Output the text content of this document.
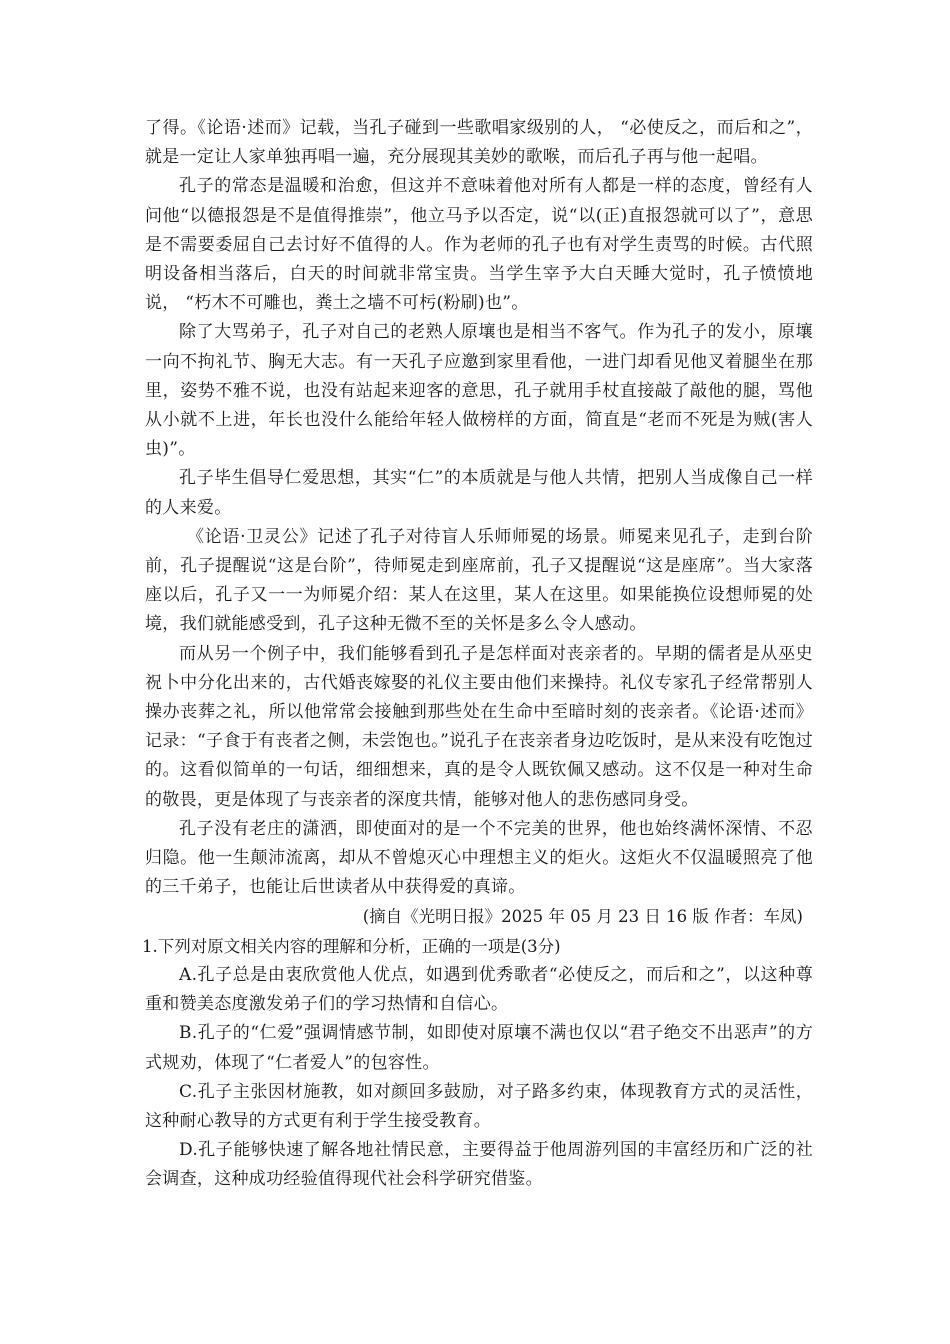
了得。《论语·述而》记载，当孔子碰到一些歌唱家级别的人， “必使反之，而后和之”，就是一定让人家单独再唱一遍，充分展现其美妙的歌喉，而后孔子再与他一起唱。

孔子的常态是温暖和治愈，但这并不意味着他对所有人都是一样的态度，曾经有人问他“以德报怨是不是值得推崇”，他立马予以否定，说“以(正)直报怨就可以了”，意思是不需要委屈自己去讨好不值得的人。作为老师的孔子也有对学生责骂的时候。古代照明设备相当落后，白天的时间就非常宝贵。当学生宰予大白天睡大觉时，孔子愤愤地说， “朽木不可雕也，粪土之墙不可杇(粉刷)也”。

除了大骂弟子，孔子对自己的老熟人原壤也是相当不客气。作为孔子的发小，原壤一向不拘礼节、胸无大志。有一天孔子应邀到家里看他，一进门却看见他叉着腿坐在那里，姿势不雅不说，也没有站起来迎客的意思，孔子就用手杖直接敲了敲他的腿，骂他从小就不上进，年长也没什么能给年轻人做榜样的方面，简直是“老而不死是为贼(害人虫)”。

孔子毕生倡导仁爱思想，其实“仁”的本质就是与他人共情，把别人当成像自己一样的人来爱。

《论语·卫灵公》记述了孔子对待盲人乐师师冕的场景。师冕来见孔子，走到台阶前，孔子提醒说“这是台阶”，待师冕走到座席前，孔子又提醒说“这是座席”。当大家落座以后，孔子又一一为师冕介绍：某人在这里，某人在这里。如果能换位设想师冕的处境，我们就能感受到，孔子这种无微不至的关怀是多么令人感动。

而从另一个例子中，我们能够看到孔子是怎样面对丧亲者的。早期的儒者是从巫史祝卜中分化出来的，古代婚丧嫁娶的礼仪主要由他们来操持。礼仪专家孔子经常帮别人操办丧葬之礼，所以他常常会接触到那些处在生命中至暗时刻的丧亲者。《论语·述而》记录：“子食于有丧者之侧，未尝饱也。”说孔子在丧亲者身边吃饭时，是从来没有吃饱过的。这看似简单的一句话，细细想来，真的是令人既钦佩又感动。这不仅是一种对生命的敬畏，更是体现了与丧亲者的深度共情，能够对他人的悲伤感同身受。

孔子没有老庄的潇洒，即使面对的是一个不完美的世界，他也始终满怀深情、不忍归隐。他一生颠沛流离，却从不曾熄灭心中理想主义的炬火。这炬火不仅温暖照亮了他的三千弟子，也能让后世读者从中获得爱的真谛。

(摘自《光明日报》2025 年 05 月 23 日 16 版 作者：车凤)

1.下列对原文相关内容的理解和分析，正确的一项是(3分)

A.孔子总是由衷欣赏他人优点，如遇到优秀歌者“必使反之，而后和之”，以这种尊重和赞美态度激发弟子们的学习热情和自信心。

B.孔子的“仁爱”强调情感节制，如即使对原壤不满也仅以“君子绝交不出恶声”的方式规劝，体现了“仁者爱人”的包容性。

C.孔子主张因材施教，如对颜回多鼓励，对子路多约束，体现教育方式的灵活性，这种耐心教导的方式更有利于学生接受教育。

D.孔子能够快速了解各地社情民意，主要得益于他周游列国的丰富经历和广泛的社会调查，这种成功经验值得现代社会科学研究借鉴。
